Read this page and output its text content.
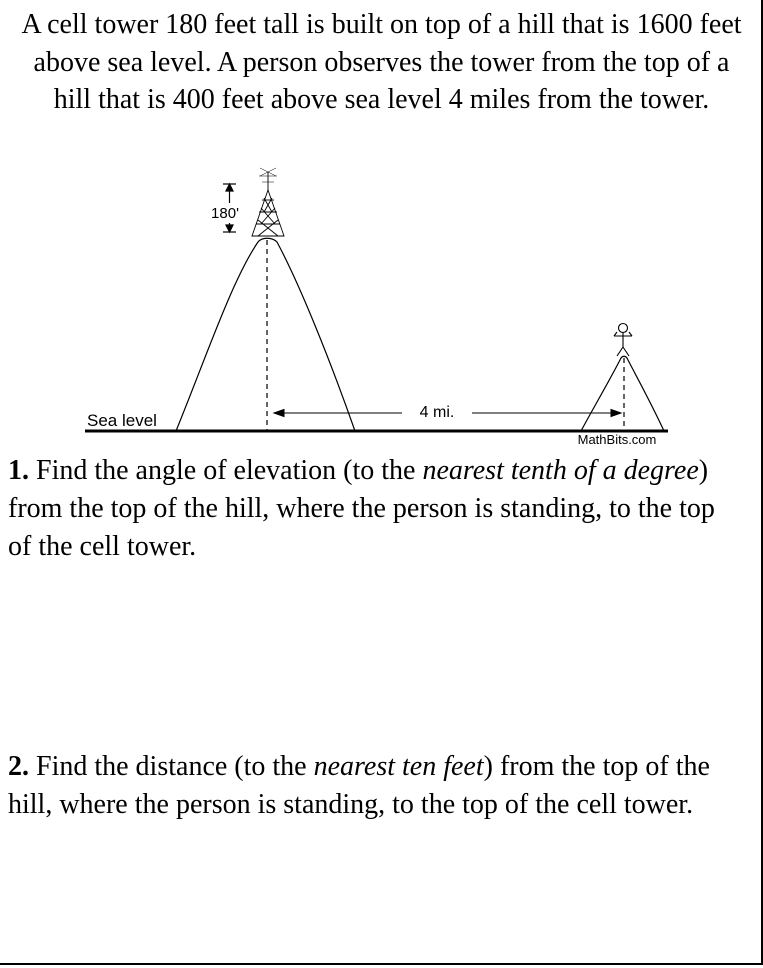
A cell tower 180 feet tall is built on top of a hill that is 1600 feet above sea level. A person observes the tower from the top of a hill that is 400 feet above sea level 4 miles from the tower.
180'
4 mi.
Sea level
MathBits.com
1. Find the angle of elevation (to the nearest tenth of a degree) from the top of the hill, where the person is standing, to the top of the cell tower.
2. Find the distance (to the nearest ten feet) from the top of the hill, where the person is standing, to the top of the cell tower.
